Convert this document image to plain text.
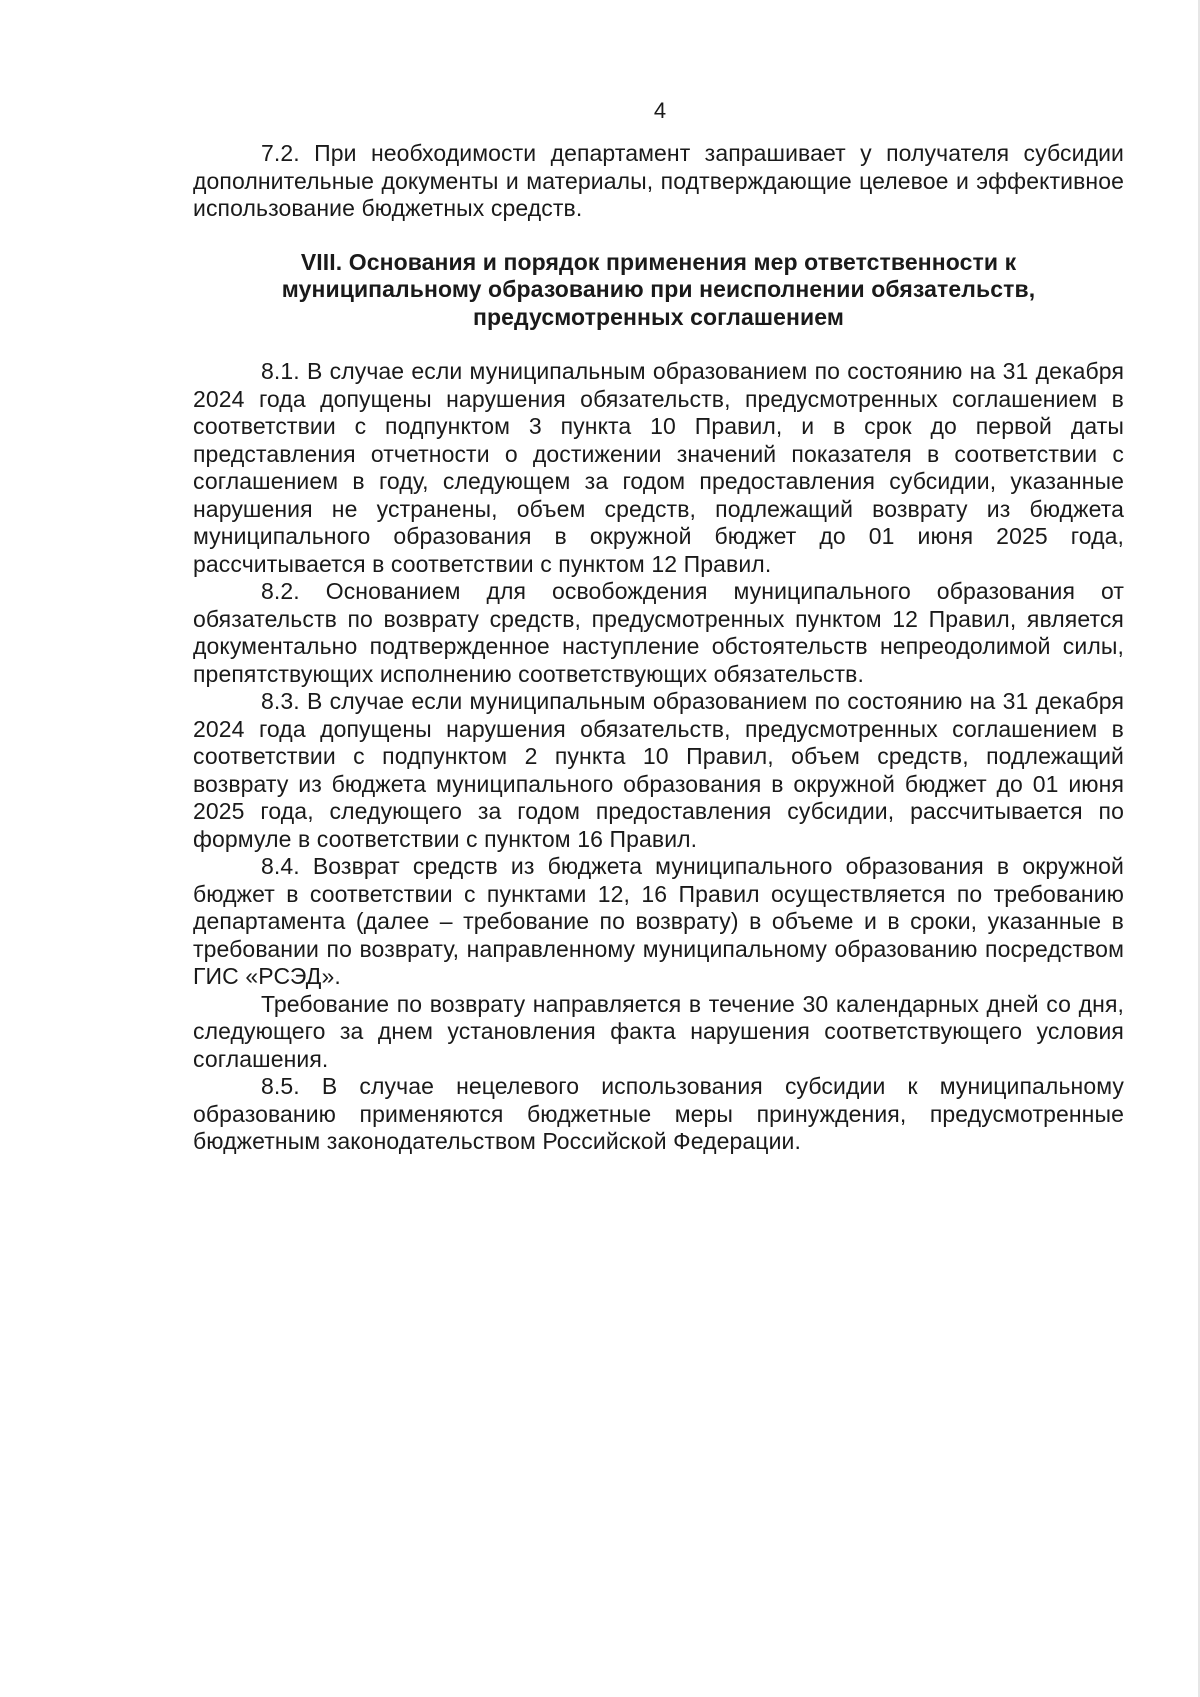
4

7.2. При необходимости департамент запрашивает у получателя субсидии дополнительные документы и материалы, подтверждающие целевое и эффективное использование бюджетных средств.

VIII. Основания и порядок применения мер ответственности к муниципальному образованию при неисполнении обязательств, предусмотренных соглашением

8.1. В случае если муниципальным образованием по состоянию на 31 декабря 2024 года допущены нарушения обязательств, предусмотренных соглашением в соответствии с подпунктом 3 пункта 10 Правил, и в срок до первой даты представления отчетности о достижении значений показателя в соответствии с соглашением в году, следующем за годом предоставления субсидии, указанные нарушения не устранены, объем средств, подлежащий возврату из бюджета муниципального образования в окружной бюджет до 01 июня 2025 года, рассчитывается в соответствии с пунктом 12 Правил.

8.2. Основанием для освобождения муниципального образования от обязательств по возврату средств, предусмотренных пунктом 12 Правил, является документально подтвержденное наступление обстоятельств непреодолимой силы, препятствующих исполнению соответствующих обязательств.

8.3. В случае если муниципальным образованием по состоянию на 31 декабря 2024 года допущены нарушения обязательств, предусмотренных соглашением в соответствии с подпунктом 2 пункта 10 Правил, объем средств, подлежащий возврату из бюджета муниципального образования в окружной бюджет до 01 июня 2025 года, следующего за годом предоставления субсидии, рассчитывается по формуле в соответствии с пунктом 16 Правил.

8.4. Возврат средств из бюджета муниципального образования в окружной бюджет в соответствии с пунктами 12, 16 Правил осуществляется по требованию департамента (далее – требование по возврату) в объеме и в сроки, указанные в требовании по возврату, направленному муниципальному образованию посредством ГИС «РСЭД».

Требование по возврату направляется в течение 30 календарных дней со дня, следующего за днем установления факта нарушения соответствующего условия соглашения.

8.5. В случае нецелевого использования субсидии к муниципальному образованию применяются бюджетные меры принуждения, предусмотренные бюджетным законодательством Российской Федерации.
